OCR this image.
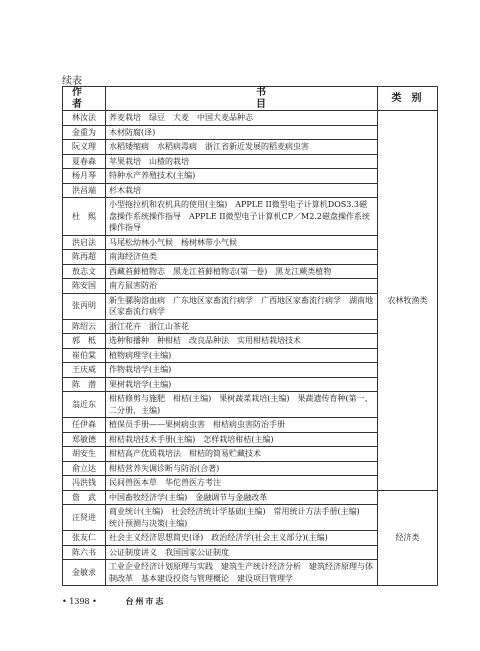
续表
作者	书目	类别
林汝法	荞麦栽培　绿豆　大麦　中国大麦品种志	农林牧渔类
金重为	木材防腐(译)	
阮义理	水稻矮缩病　水稻病毒病　浙江省新近发展的稻麦病虫害	
夏春森	苹果栽培　山楂的栽培	
杨月琴	特种水产养殖技术(主编)	
洪昌端	杉木栽培	
杜　熙	小型拖拉机和农机具的使用(主编)　APPLE II微型电子计算机DOS3.3磁盘操作系统操作指导　APPLE II微型电子计算机CP／M2.2磁盘操作系统操作指导	
洪启法	马尾松幼林小气候　杨树林带小气候	
陈再超	南海经济鱼类	
敖志文	西藏苔藓植物志　黑龙江苔藓植物志(第一卷)　黑龙江蕨类植物	
陈安国	南方鼠害防治	
张丙明	新生骡驹溶血病　广东地区家畜流行病学　广西地区家畜流行病学　湖南地区家畜流行病学	
陈绍云	浙江花卉　浙江山茶花	
郭　柢	选种和播种　种柑桔　改良品种法　实用柑桔栽培技术	
崔伯棠	植物病理学(主编)	
王庆威	作物栽培学(主编)	
陈　潜	果树栽培学(主编)	
翁近东	柑桔修剪与施肥　柑桔(主编)　果树蔬菜栽培(主编)　果蔬遗传育种(第一、二分册，主编)	
任伊森	植保员手册——果树病虫害　柑桔病虫害防治手册	
郑敏德	柑桔栽培技术手册(主编)　怎样栽培柑桔(主编)	
胡安生	柑桔高产优质栽培法　柑桔的简易贮藏技术	
俞立达	柑桔营养失调诊断与防治(合著)	
冯洪钱	民间兽医本草　华佗兽医方考注	
詹　武	中国畜牧经济学(主编)　金融调节与金融改革	经济类
汪贤进	商业统计(主编)　社会经济统计学基础(主编)　常用统计方法手册(主编)　统计预测与决策(主编)	
张友仁	社会主义经济思想简史(译)　政治经济学(社会主义部分)(主编)	
陈六书	公证制度讲义　我国国家公证制度	
金敏求	工业企业经济计划原理与实践　建筑生产统计经济分析　建筑经济原理与体制改革　基本建设投资与管理概论　建设项目管理学	
• 1398 •	台州市志
